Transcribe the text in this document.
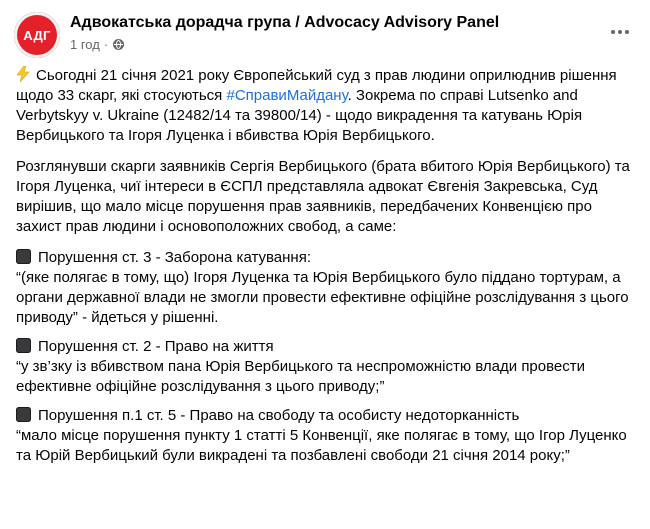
АДГ
Адвокатська дорадча група / Advocacy Advisory Panel
1 год ·

Сьогодні 21 січня 2021 року Європейський суд з прав людини оприлюднив рішення щодо 33 скарг, які стосуються #СправиМайдану. Зокрема по справі Lutsenko and Verbytskyy v. Ukraine (12482/14 та 39800/14) - щодо викрадення та катувань Юрія Вербицького та Ігоря Луценка і вбивства Юрія Вербицького.

Розглянувши скарги заявників Сергія Вербицького (брата вбитого Юрія Вербицького) та Ігоря Луценка, чиї інтереси в ЄСПЛ представляла адвокат Євгенія Закревська, Суд вирішив, що мало місце порушення прав заявників, передбачених Конвенцією про захист прав людини і основоположних свобод, а саме:

Порушення ст. 3 - Заборона катування:
“(яке полягає в тому, що) Ігоря Луценка та Юрія Вербицького було піддано тортурам, а органи державної влади не змогли провести ефективне офіційне розслідування з цього приводу” - йдеться у рішенні.

Порушення ст. 2 - Право на життя
“у зв’зку із вбивством пана Юрія Вербицького та неспроможністю влади провести ефективне офіційне розслідування з цього приводу;”

Порушення п.1 ст. 5 - Право на свободу та особисту недоторканність
“мало місце порушення пункту 1 статті 5 Конвенції, яке полягає в тому, що Ігор Луценко та Юрій Вербицький були викрадені та позбавлені свободи 21 січня 2014 року;”
